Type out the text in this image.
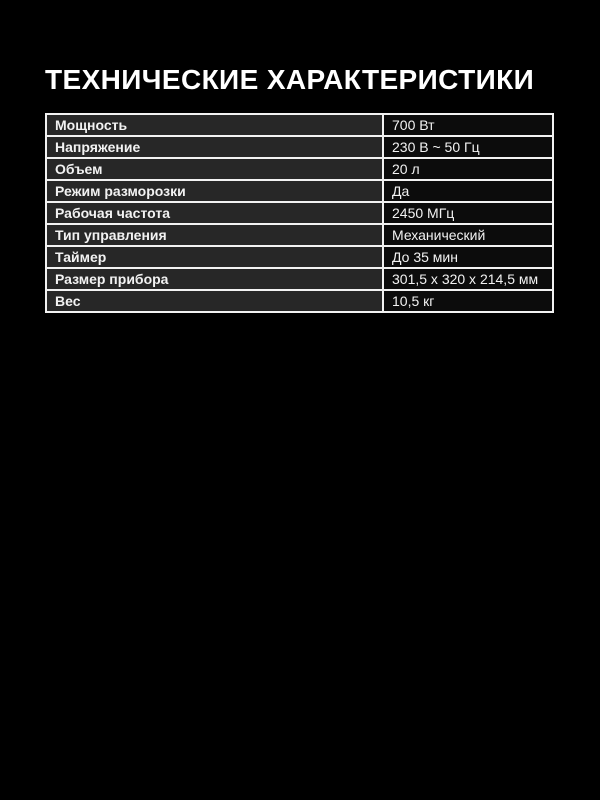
ТЕХНИЧЕСКИЕ ХАРАКТЕРИСТИКИ
Мощность	700 Вт
Напряжение	230 В ~ 50 Гц
Объем	20 л
Режим разморозки	Да
Рабочая частота	2450 МГц
Тип управления	Механический
Таймер	До 35 мин
Размер прибора	301,5 x 320 x 214,5 мм
Вес	10,5 кг
